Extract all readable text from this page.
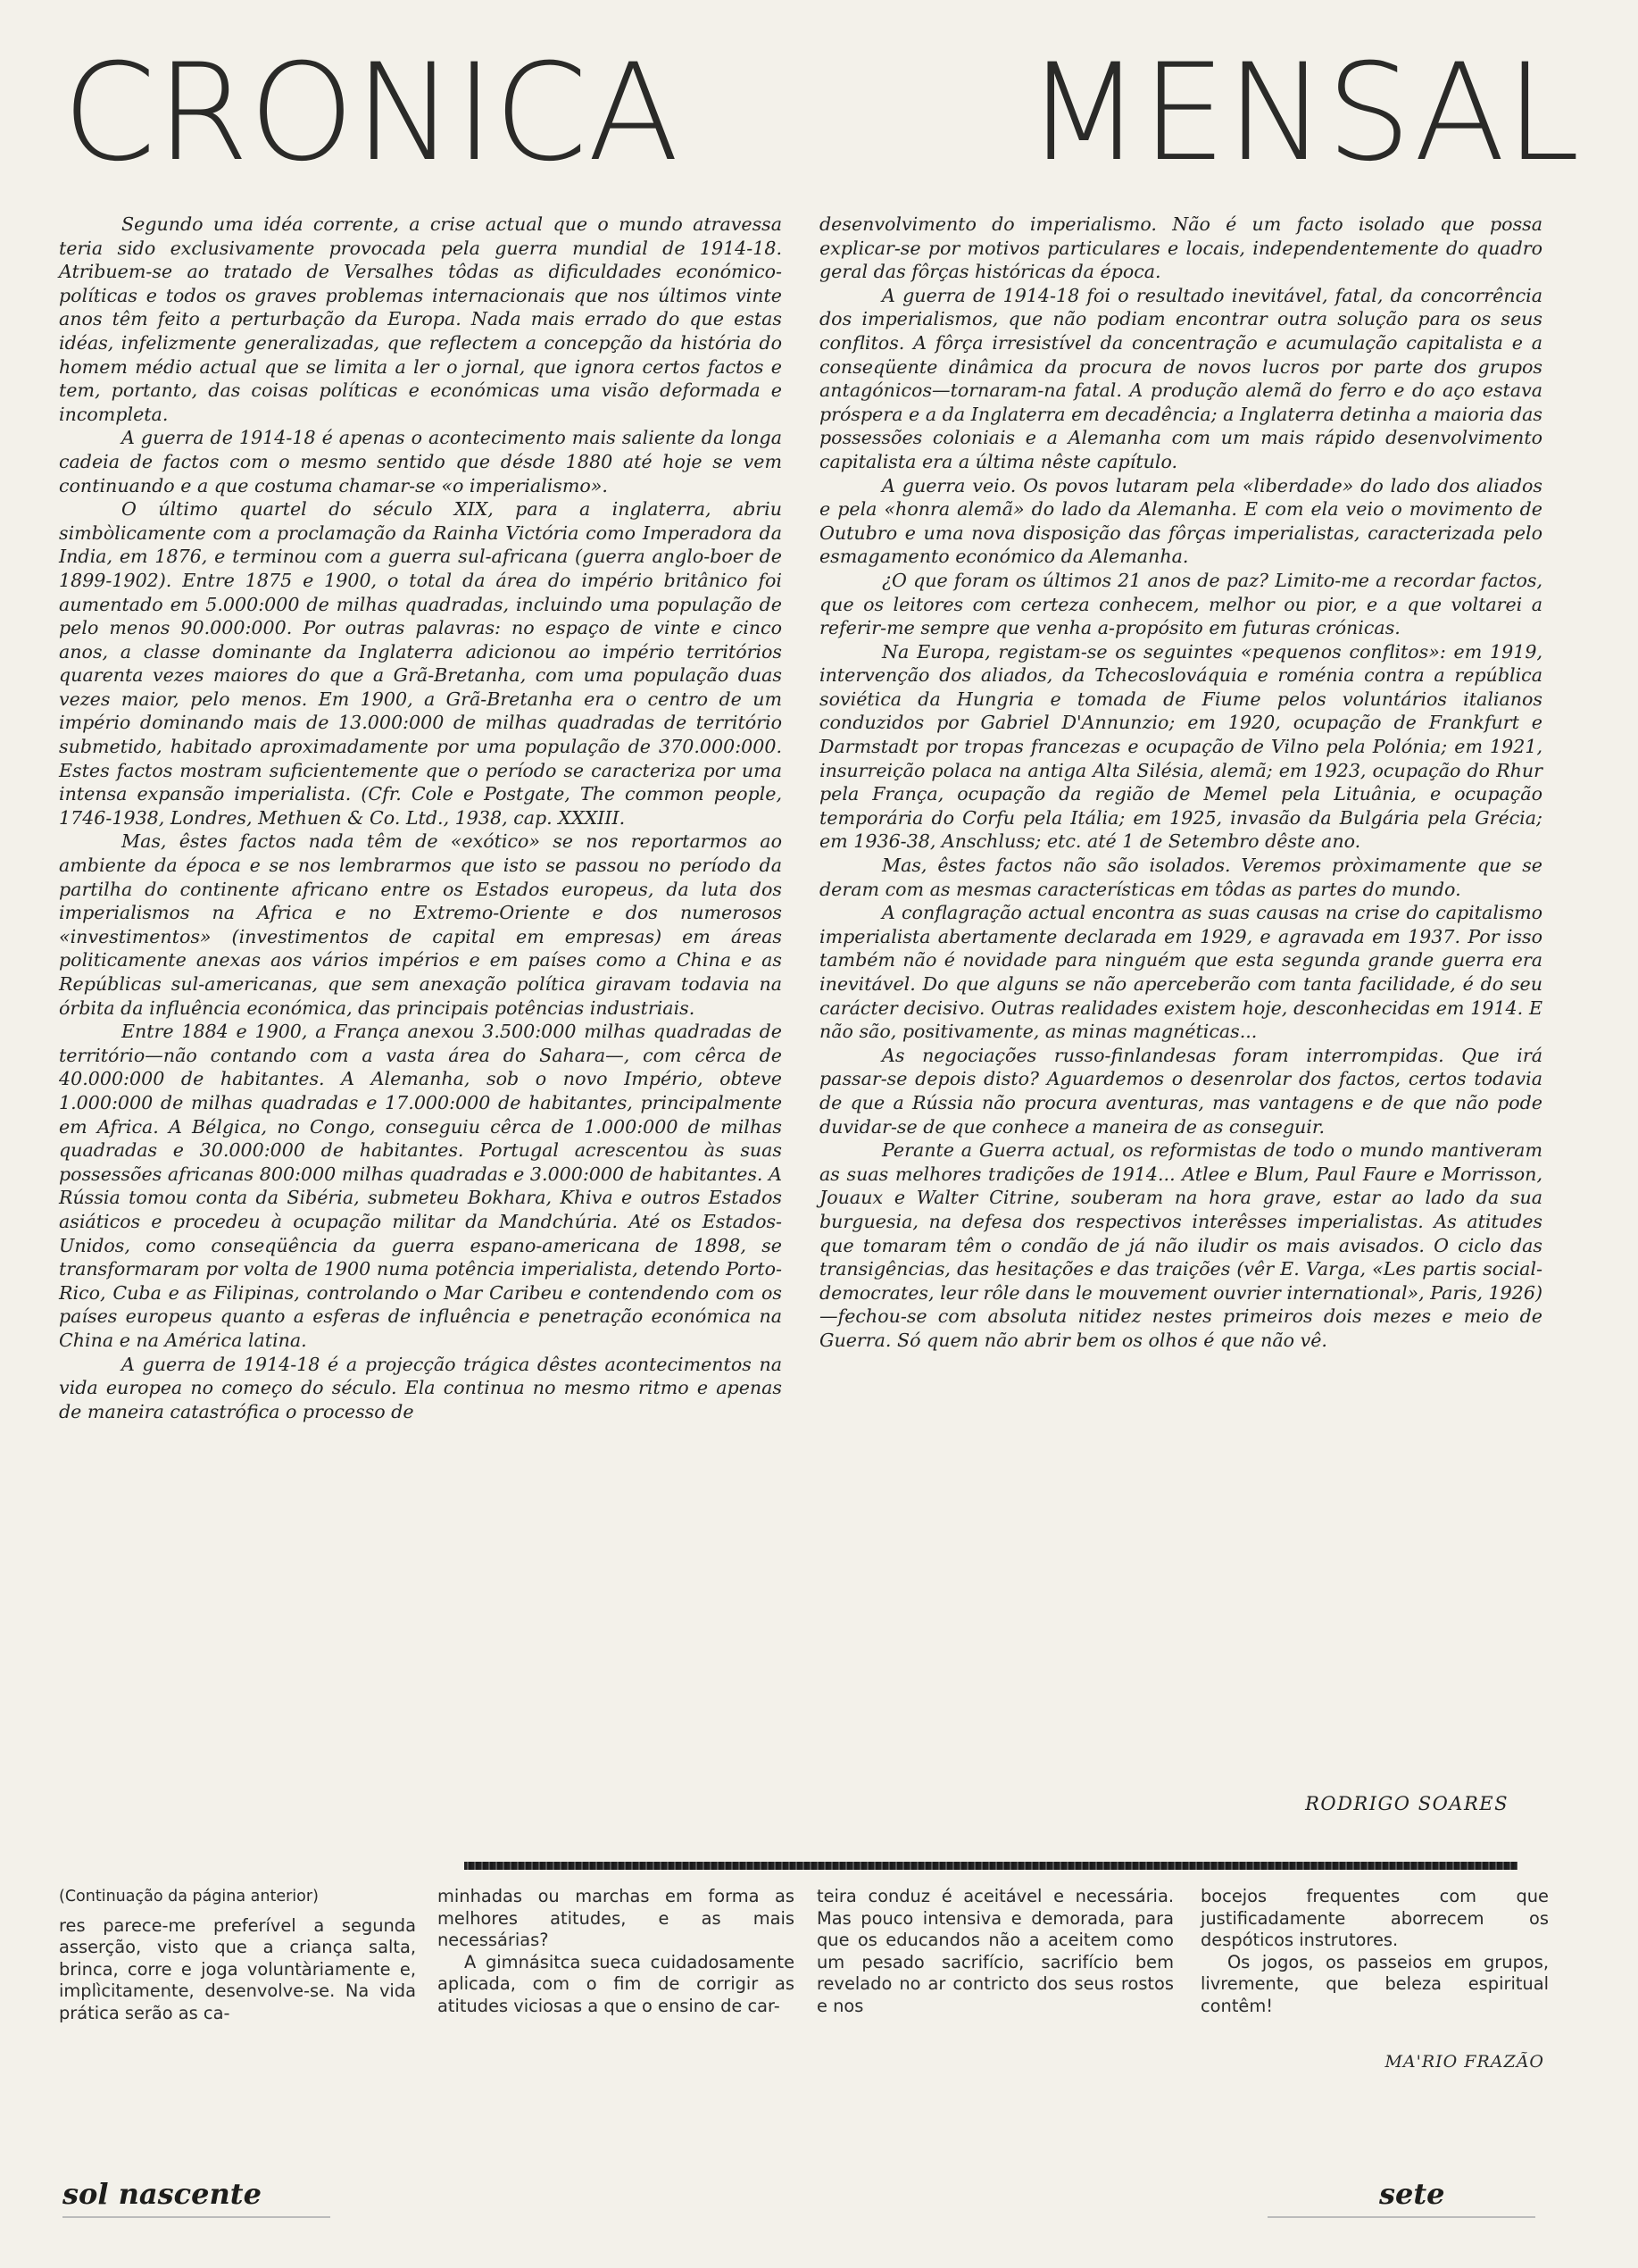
CRONICA	MENSAL

Segundo uma idéa corrente, a crise actual que o mundo atravessa teria sido exclusivamente provocada pela guerra mundial de 1914-18. Atribuem-se ao tratado de Versalhes tôdas as dificuldades económico-políticas e todos os graves problemas internacionais que nos últimos vinte anos têm feito a perturbação da Europa. Nada mais errado do que estas idéas, infelizmente generalizadas, que reflectem a concepção da história do homem médio actual que se limita a ler o jornal, que ignora certos factos e tem, portanto, das coisas políticas e económicas uma visão deformada e incompleta.

A guerra de 1914-18 é apenas o acontecimento mais saliente da longa cadeia de factos com o mesmo sentido que désde 1880 até hoje se vem continuando e a que costuma chamar-se «o imperialismo».

O último quartel do século XIX, para a inglaterra, abriu simbòlicamente com a proclamação da Rainha Victória como Imperadora da India, em 1876, e terminou com a guerra sul-africana (guerra anglo-boer de 1899-1902). Entre 1875 e 1900, o total da área do império britânico foi aumentado em 5.000:000 de milhas quadradas, incluindo uma população de pelo menos 90.000:000. Por outras palavras: no espaço de vinte e cinco anos, a classe dominante da Inglaterra adicionou ao império territórios quarenta vezes maiores do que a Grã-Bretanha, com uma população duas vezes maior, pelo menos. Em 1900, a Grã-Bretanha era o centro de um império dominando mais de 13.000:000 de milhas quadradas de território submetido, habitado aproximadamente por uma população de 370.000:000. Estes factos mostram suficientemente que o período se caracteriza por uma intensa expansão imperialista. (Cfr. Cole e Postgate, The common people, 1746-1938, Londres, Methuen & Co. Ltd., 1938, cap. XXXIII.

Mas, êstes factos nada têm de «exótico» se nos reportarmos ao ambiente da época e se nos lembrarmos que isto se passou no período da partilha do continente africano entre os Estados europeus, da luta dos imperialismos na Africa e no Extremo-Oriente e dos numerosos «investimentos» (investimentos de capital em empresas) em áreas politicamente anexas aos vários impérios e em países como a China e as Repúblicas sul-americanas, que sem anexação política giravam todavia na órbita da influência económica, das principais potências industriais.

Entre 1884 e 1900, a França anexou 3.500:000 milhas quadradas de território—não contando com a vasta área do Sahara—, com cêrca de 40.000:000 de habitantes. A Alemanha, sob o novo Império, obteve 1.000:000 de milhas quadradas e 17.000:000 de habitantes, principalmente em Africa. A Bélgica, no Congo, conseguiu cêrca de 1.000:000 de milhas quadradas e 30.000:000 de habitantes. Portugal acrescentou às suas possessões africanas 800:000 milhas quadradas e 3.000:000 de habitantes. A Rússia tomou conta da Sibéria, submeteu Bokhara, Khiva e outros Estados asiáticos e procedeu à ocupação militar da Mandchúria. Até os Estados-Unidos, como conseqüência da guerra espano-americana de 1898, se transformaram por volta de 1900 numa potência imperialista, detendo Porto-Rico, Cuba e as Filipinas, controlando o Mar Caribeu e contendendo com os países europeus quanto a esferas de influência e penetração económica na China e na América latina.

A guerra de 1914-18 é a projecção trágica dêstes acontecimentos na vida europea no começo do século. Ela continua no mesmo ritmo e apenas de maneira catastrófica o processo de

desenvolvimento do imperialismo. Não é um facto isolado que possa explicar-se por motivos particulares e locais, independentemente do quadro geral das fôrças históricas da época.

A guerra de 1914-18 foi o resultado inevitável, fatal, da concorrência dos imperialismos, que não podiam encontrar outra solução para os seus conflitos. A fôrça irresistível da concentração e acumulação capitalista e a conseqüente dinâmica da procura de novos lucros por parte dos grupos antagónicos—tornaram-na fatal. A produção alemã do ferro e do aço estava próspera e a da Inglaterra em decadência; a Inglaterra detinha a maioria das possessões coloniais e a Alemanha com um mais rápido desenvolvimento capitalista era a última nêste capítulo.

A guerra veio. Os povos lutaram pela «liberdade» do lado dos aliados e pela «honra alemã» do lado da Alemanha. E com ela veio o movimento de Outubro e uma nova disposição das fôrças imperialistas, caracterizada pelo esmagamento económico da Alemanha.

¿O que foram os últimos 21 anos de paz? Limito-me a recordar factos, que os leitores com certeza conhecem, melhor ou pior, e a que voltarei a referir-me sempre que venha a-propósito em futuras crónicas.

Na Europa, registam-se os seguintes «pequenos conflitos»: em 1919, intervenção dos aliados, da Tchecoslováquia e roménia contra a república soviética da Hungria e tomada de Fiume pelos voluntários italianos conduzidos por Gabriel D'Annunzio; em 1920, ocupação de Frankfurt e Darmstadt por tropas francezas e ocupação de Vilno pela Polónia; em 1921, insurreição polaca na antiga Alta Silésia, alemã; em 1923, ocupação do Rhur pela França, ocupação da região de Memel pela Lituânia, e ocupação temporária do Corfu pela Itália; em 1925, invasão da Bulgária pela Grécia; em 1936-38, Anschluss; etc. até 1 de Setembro dêste ano.

Mas, êstes factos não são isolados. Veremos pròximamente que se deram com as mesmas características em tôdas as partes do mundo.

A conflagração actual encontra as suas causas na crise do capitalismo imperialista abertamente declarada em 1929, e agravada em 1937. Por isso também não é novidade para ninguém que esta segunda grande guerra era inevitável. Do que alguns se não aperceberão com tanta facilidade, é do seu carácter decisivo. Outras realidades existem hoje, desconhecidas em 1914. E não são, positivamente, as minas magnéticas...

As negociações russo-finlandesas foram interrompidas. Que irá passar-se depois disto? Aguardemos o desenrolar dos factos, certos todavia de que a Rússia não procura aventuras, mas vantagens e de que não pode duvidar-se de que conhece a maneira de as conseguir.

Perante a Guerra actual, os reformistas de todo o mundo mantiveram as suas melhores tradições de 1914... Atlee e Blum, Paul Faure e Morrisson, Jouaux e Walter Citrine, souberam na hora grave, estar ao lado da sua burguesia, na defesa dos respectivos interêsses imperialistas. As atitudes que tomaram têm o condão de já não iludir os mais avisados. O ciclo das transigências, das hesitações e das traições (vêr E. Varga, «Les partis social-democrates, leur rôle dans le mouvement ouvrier international», Paris, 1926)—fechou-se com absoluta nitidez nestes primeiros dois mezes e meio de Guerra. Só quem não abrir bem os olhos é que não vê.

RODRIGO SOARES
(Continuação da página anterior)

res parece-me preferível a segunda asserção, visto que a criança salta, brinca, corre e joga voluntàriamente e, implìcitamente, desenvolve-se. Na vida prática serão as ca-

minhadas ou marchas em forma as melhores atitudes, e as mais necessárias?

A gimnásitca sueca cuidadosamente aplicada, com o fim de corrigir as atitudes viciosas a que o ensino de car-

teira conduz é aceitável e necessária. Mas pouco intensiva e demorada, para que os educandos não a aceitem como um pesado sacrifício, sacrifício bem revelado no ar contricto dos seus rostos e nos

bocejos frequentes com que justificadamente aborrecem os despóticos instrutores.

Os jogos, os passeios em grupos, livremente, que beleza espiritual contêm!

MA'RIO FRAZÃO
sol nascente	sete
